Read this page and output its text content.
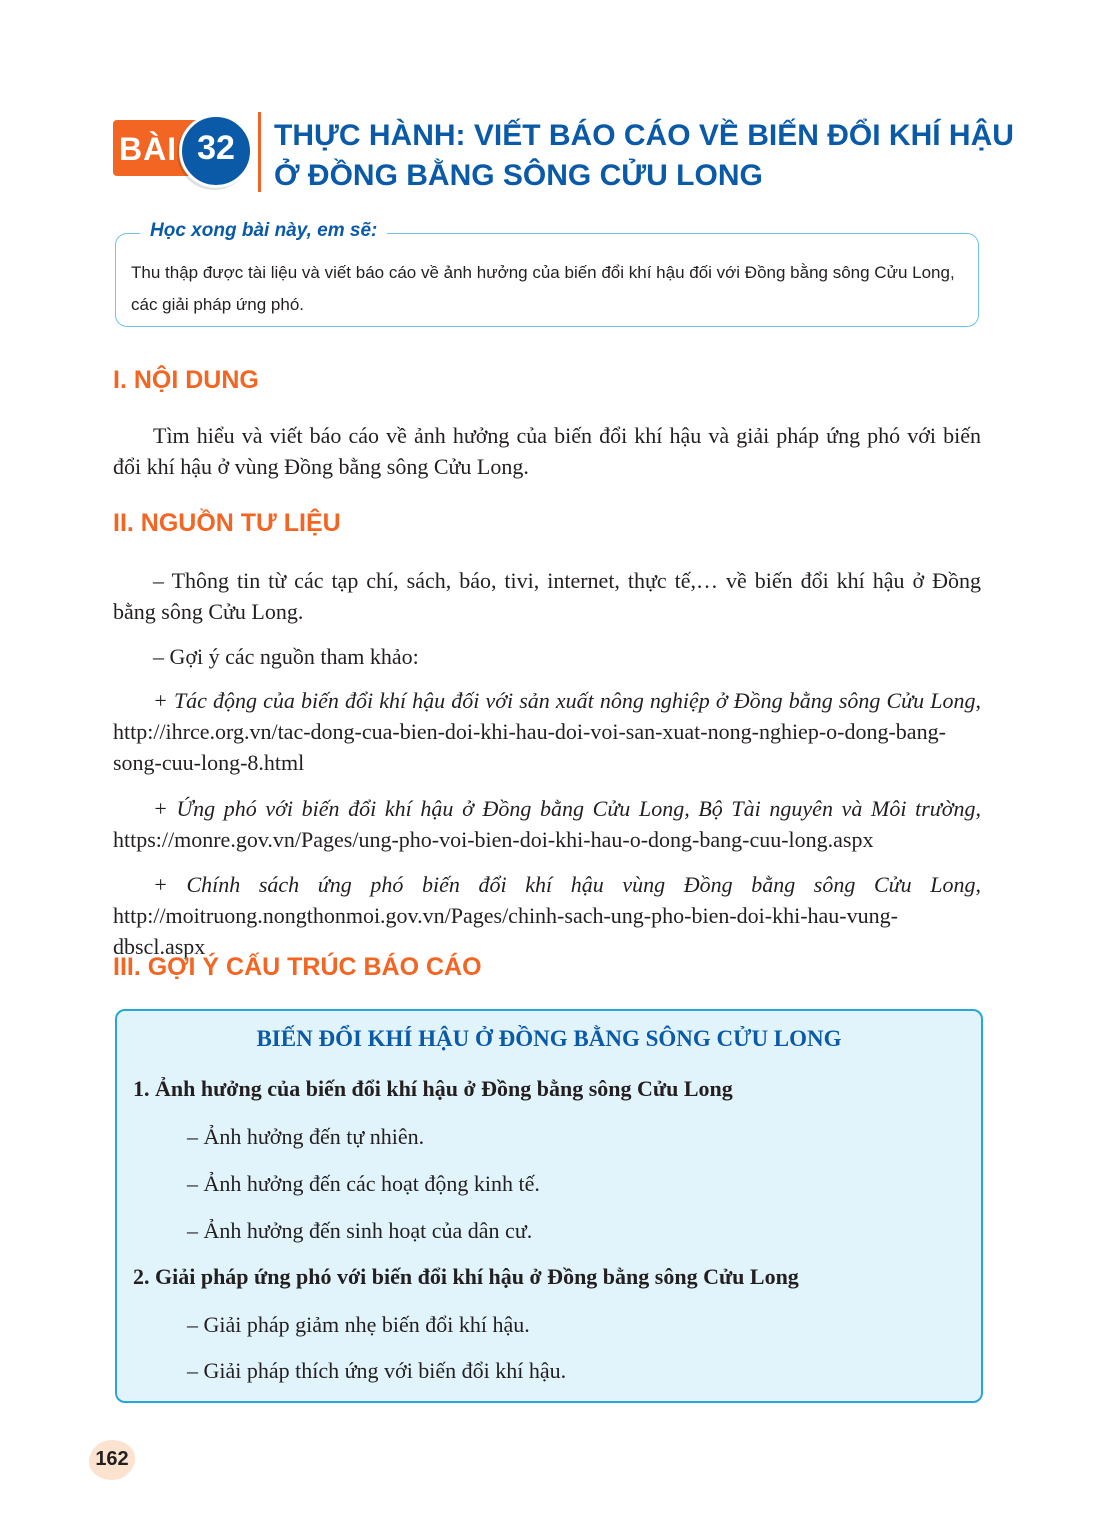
BÀI 32	THỰC HÀNH: VIẾT BÁO CÁO VỀ BIẾN ĐỔI KHÍ HẬU
Ở ĐỒNG BẰNG SÔNG CỬU LONG
Học xong bài này, em sẽ:
Thu thập được tài liệu và viết báo cáo về ảnh hưởng của biến đổi khí hậu đối với Đồng bằng sông Cửu Long, các giải pháp ứng phó.
I. NỘI DUNG
Tìm hiểu và viết báo cáo về ảnh hưởng của biến đổi khí hậu và giải pháp ứng phó với biến đổi khí hậu ở vùng Đồng bằng sông Cửu Long.
II. NGUỒN TƯ LIỆU
– Thông tin từ các tạp chí, sách, báo, tivi, internet, thực tế,… về biến đổi khí hậu ở Đồng bằng sông Cửu Long.
– Gợi ý các nguồn tham khảo:
+ Tác động của biến đổi khí hậu đối với sản xuất nông nghiệp ở Đồng bằng sông Cửu Long, http://ihrce.org.vn/tac-dong-cua-bien-doi-khi-hau-doi-voi-san-xuat-nong-nghiep-o-dong-bang-song-cuu-long-8.html
+ Ứng phó với biến đổi khí hậu ở Đồng bằng Cửu Long, Bộ Tài nguyên và Môi trường, https://monre.gov.vn/Pages/ung-pho-voi-bien-doi-khi-hau-o-dong-bang-cuu-long.aspx
+ Chính sách ứng phó biến đổi khí hậu vùng Đồng bằng sông Cửu Long, http://moitruong.nongthonmoi.gov.vn/Pages/chinh-sach-ung-pho-bien-doi-khi-hau-vung-dbscl.aspx
III. GỢI Ý CẤU TRÚC BÁO CÁO
BIẾN ĐỔI KHÍ HẬU Ở ĐỒNG BẰNG SÔNG CỬU LONG
1. Ảnh hưởng của biến đổi khí hậu ở Đồng bằng sông Cửu Long
– Ảnh hưởng đến tự nhiên.
– Ảnh hưởng đến các hoạt động kinh tế.
– Ảnh hưởng đến sinh hoạt của dân cư.
2. Giải pháp ứng phó với biến đổi khí hậu ở Đồng bằng sông Cửu Long
– Giải pháp giảm nhẹ biến đổi khí hậu.
– Giải pháp thích ứng với biến đổi khí hậu.
162
